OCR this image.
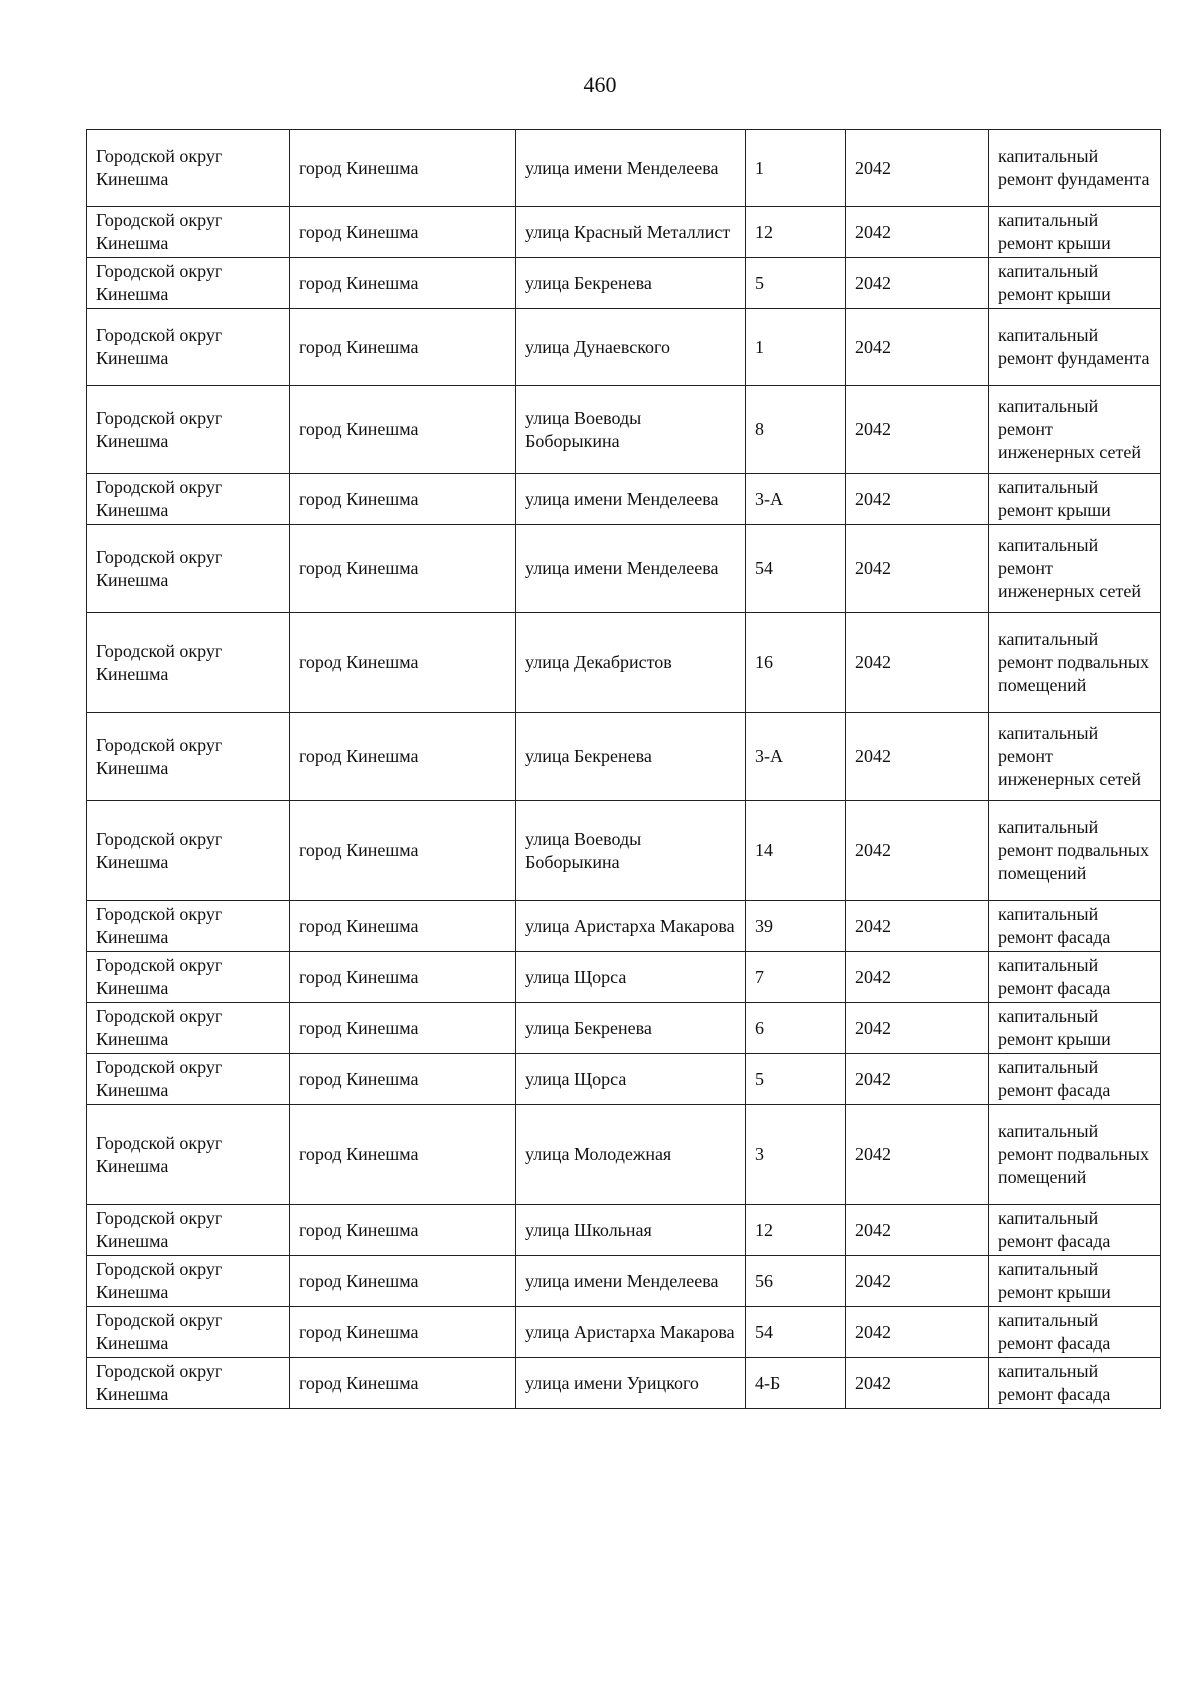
460
Городской округ Кинешма	город Кинешма	улица имени Менделеева	1	2042	капитальный ремонт фундамента
Городской округ Кинешма	город Кинешма	улица Красный Металлист	12	2042	капитальный ремонт крыши
Городской округ Кинешма	город Кинешма	улица Бекренева	5	2042	капитальный ремонт крыши
Городской округ Кинешма	город Кинешма	улица Дунаевского	1	2042	капитальный ремонт фундамента
Городской округ Кинешма	город Кинешма	улица Воеводы Боборыкина	8	2042	капитальный ремонт инженерных сетей
Городской округ Кинешма	город Кинешма	улица имени Менделеева	3-А	2042	капитальный ремонт крыши
Городской округ Кинешма	город Кинешма	улица имени Менделеева	54	2042	капитальный ремонт инженерных сетей
Городской округ Кинешма	город Кинешма	улица Декабристов	16	2042	капитальный ремонт подвальных помещений
Городской округ Кинешма	город Кинешма	улица Бекренева	3-А	2042	капитальный ремонт инженерных сетей
Городской округ Кинешма	город Кинешма	улица Воеводы Боборыкина	14	2042	капитальный ремонт подвальных помещений
Городской округ Кинешма	город Кинешма	улица Аристарха Макарова	39	2042	капитальный ремонт фасада
Городской округ Кинешма	город Кинешма	улица Щорса	7	2042	капитальный ремонт фасада
Городской округ Кинешма	город Кинешма	улица Бекренева	6	2042	капитальный ремонт крыши
Городской округ Кинешма	город Кинешма	улица Щорса	5	2042	капитальный ремонт фасада
Городской округ Кинешма	город Кинешма	улица Молодежная	3	2042	капитальный ремонт подвальных помещений
Городской округ Кинешма	город Кинешма	улица Школьная	12	2042	капитальный ремонт фасада
Городской округ Кинешма	город Кинешма	улица имени Менделеева	56	2042	капитальный ремонт крыши
Городской округ Кинешма	город Кинешма	улица Аристарха Макарова	54	2042	капитальный ремонт фасада
Городской округ Кинешма	город Кинешма	улица имени Урицкого	4-Б	2042	капитальный ремонт фасада
